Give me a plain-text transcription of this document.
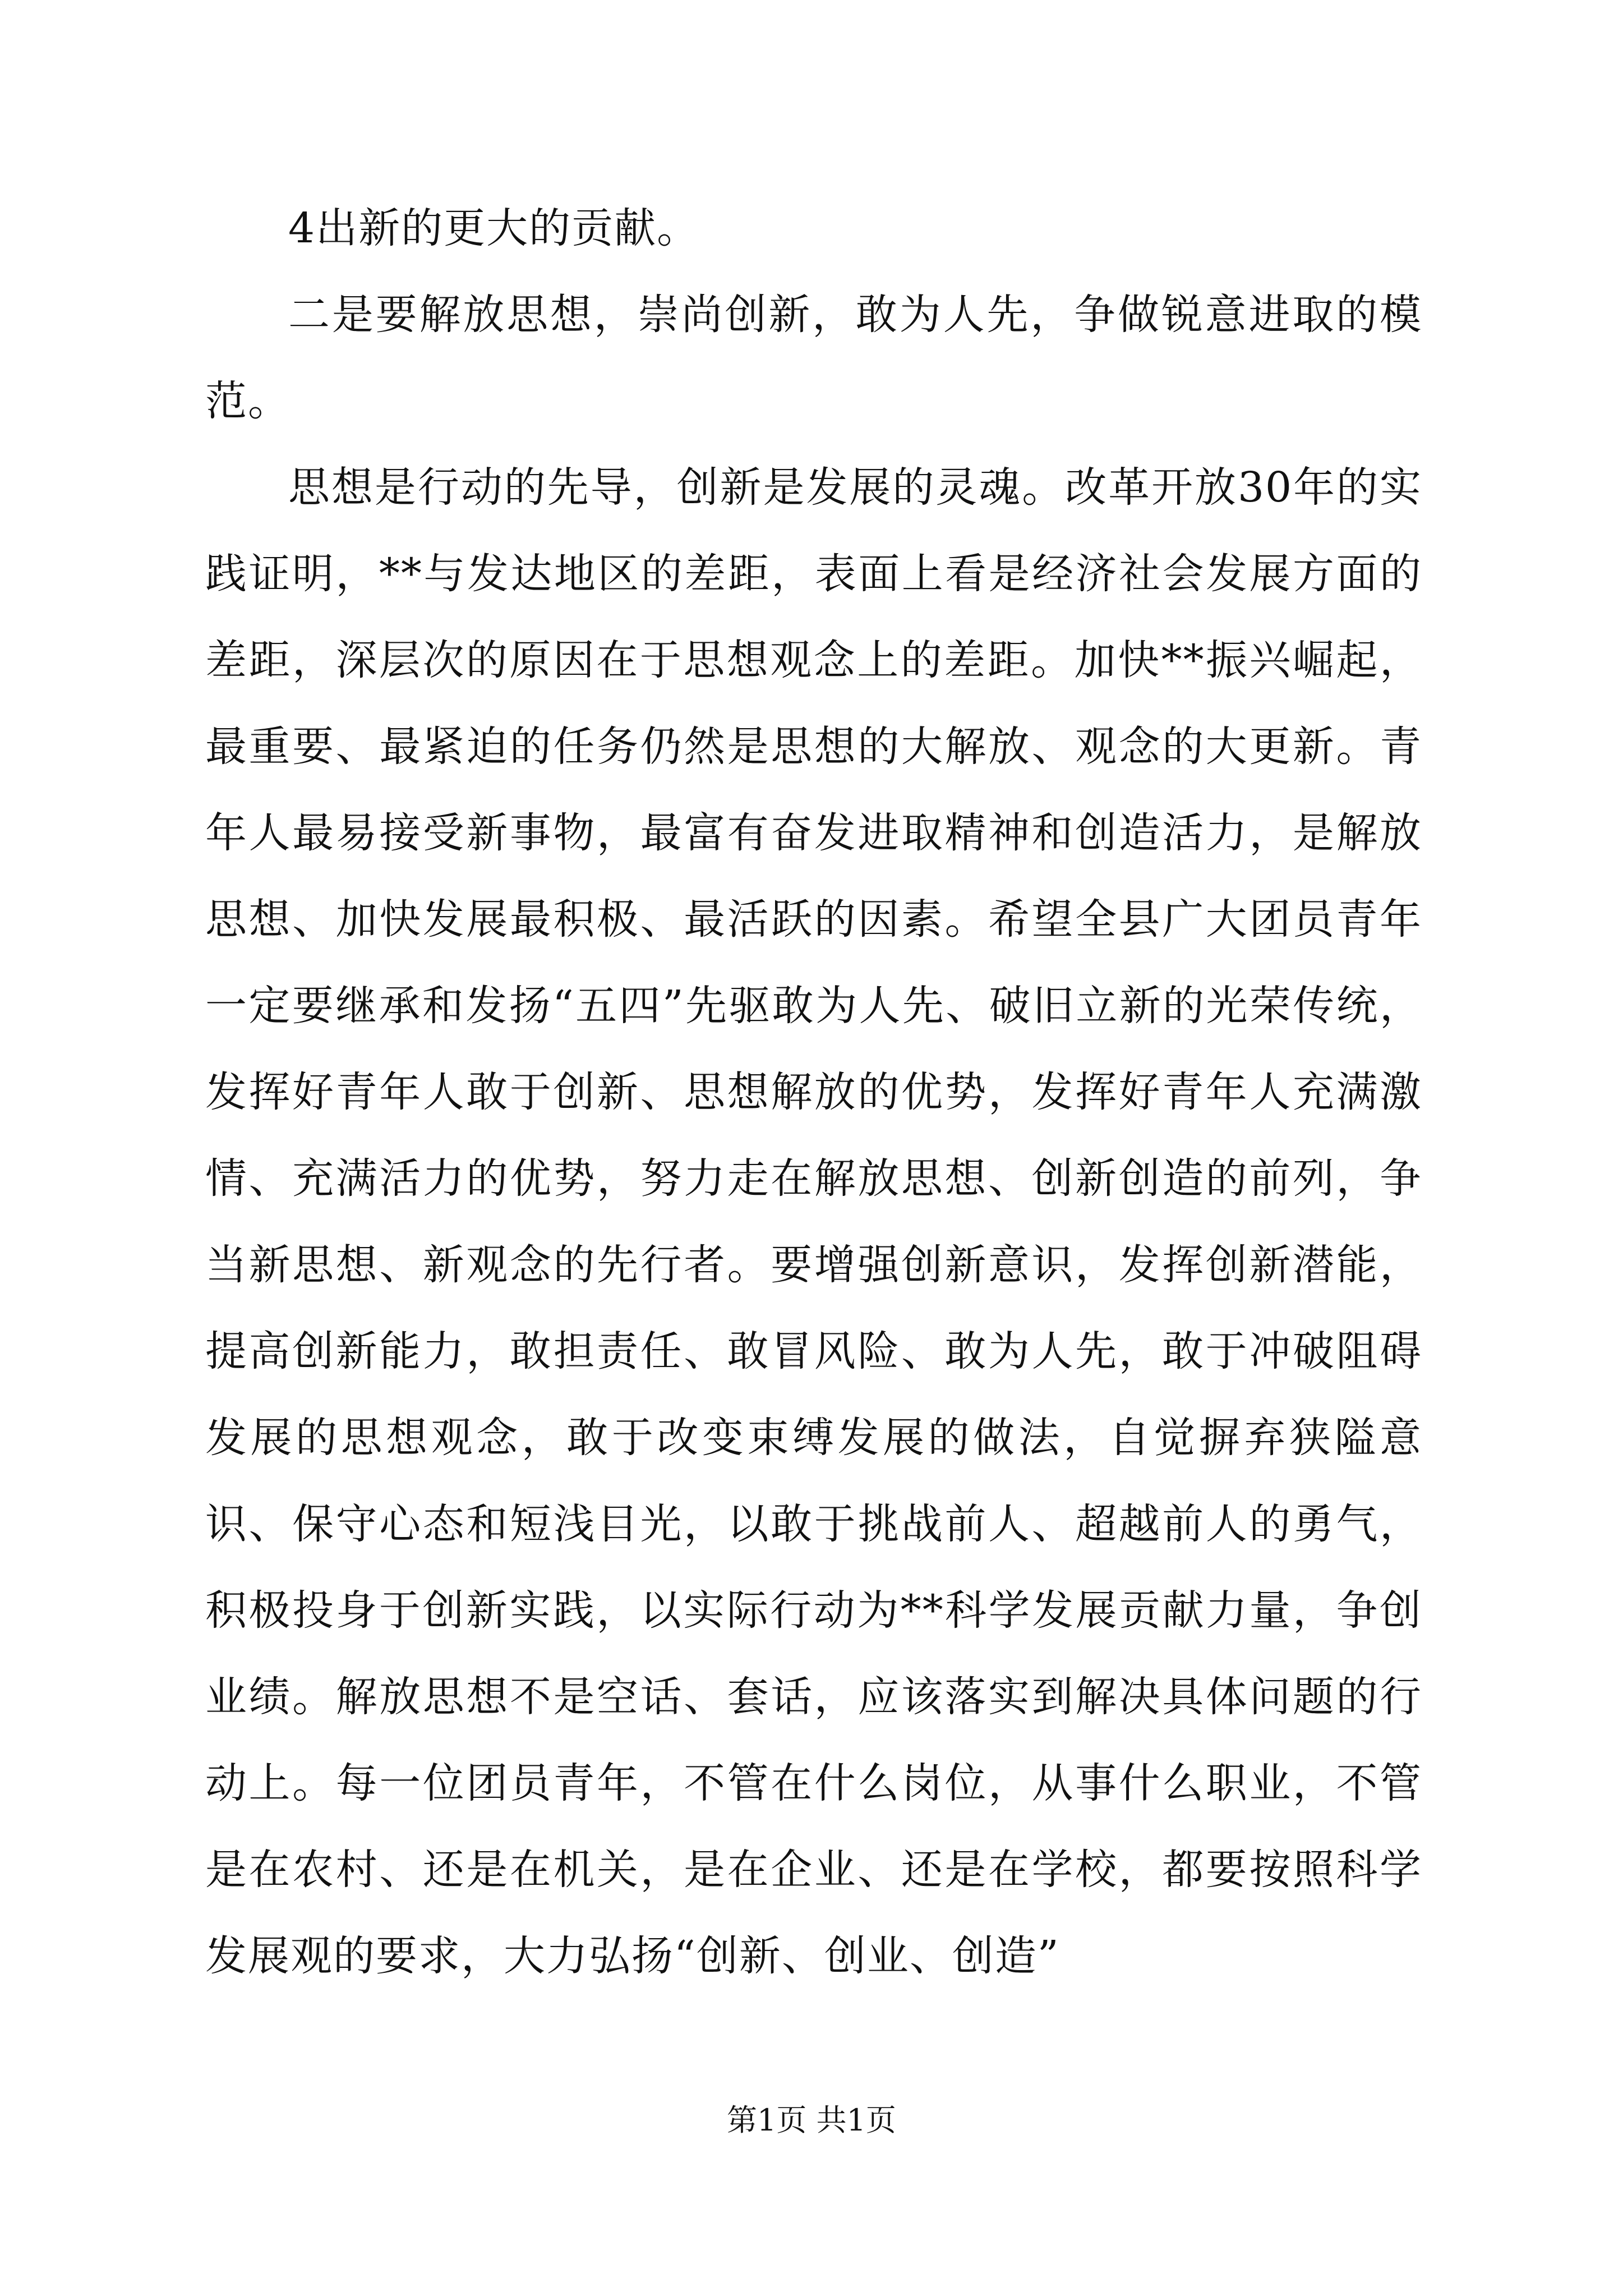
4出新的更大的贡献。

二是要解放思想，崇尚创新，敢为人先，争做锐意进取的模范。

思想是行动的先导，创新是发展的灵魂。改革开放30年的实践证明，**与发达地区的差距，表面上看是经济社会发展方面的差距，深层次的原因在于思想观念上的差距。加快**振兴崛起，最重要、最紧迫的任务仍然是思想的大解放、观念的大更新。青年人最易接受新事物，最富有奋发进取精神和创造活力，是解放思想、加快发展最积极、最活跃的因素。希望全县广大团员青年一定要继承和发扬“五四”先驱敢为人先、破旧立新的光荣传统，发挥好青年人敢于创新、思想解放的优势，发挥好青年人充满激情、充满活力的优势，努力走在解放思想、创新创造的前列，争当新思想、新观念的先行者。要增强创新意识，发挥创新潜能，提高创新能力，敢担责任、敢冒风险、敢为人先，敢于冲破阻碍发展的思想观念，敢于改变束缚发展的做法，自觉摒弃狭隘意识、保守心态和短浅目光，以敢于挑战前人、超越前人的勇气，积极投身于创新实践，以实际行动为**科学发展贡献力量，争创业绩。解放思想不是空话、套话，应该落实到解决具体问题的行动上。每一位团员青年，不管在什么岗位，从事什么职业，不管是在农村、还是在机关，是在企业、还是在学校，都要按照科学发展观的要求，大力弘扬“创新、创业、创造”

第1页 共1页
